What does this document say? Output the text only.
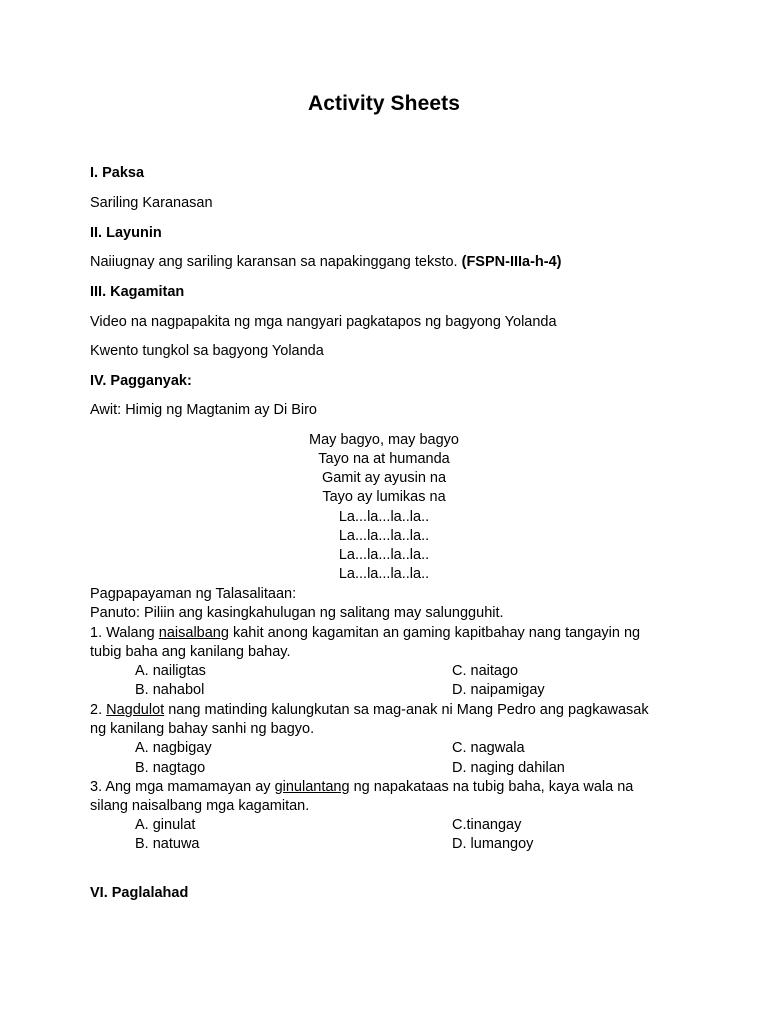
Activity Sheets
I. Paksa
Sariling Karanasan
II. Layunin
Naiiugnay ang sariling karansan sa napakinggang teksto. (FSPN-IIIa-h-4)
III. Kagamitan
Video na nagpapakita ng mga nangyari pagkatapos ng bagyong Yolanda
Kwento tungkol sa bagyong Yolanda
IV. Pagganyak:
Awit: Himig ng Magtanim ay Di Biro
May bagyo, may bagyo
Tayo na at humanda
Gamit ay ayusin na
Tayo ay lumikas na
La...la...la..la..
La...la...la..la..
La...la...la..la..
La...la...la..la..
Pagpapayaman ng Talasalitaan:
Panuto: Piliin ang kasingkahulugan ng salitang may salungguhit.
1. Walang naisalbang kahit anong kagamitan an gaming kapitbahay nang tangayin ng
tubig baha ang kanilang bahay.
A. nailigtas	C. naitago
B. nahabol	D. naipamigay
2. Nagdulot nang matinding kalungkutan sa mag-anak ni Mang Pedro ang pagkawasak
ng kanilang bahay sanhi ng bagyo.
A. nagbigay	C. nagwala
B. nagtago	D. naging dahilan
3. Ang mga mamamayan ay ginulantang ng napakataas na tubig baha, kaya wala na
silang naisalbang mga kagamitan.
A. ginulat	C.tinangay
B. natuwa	D. lumangoy
VI. Paglalahad
